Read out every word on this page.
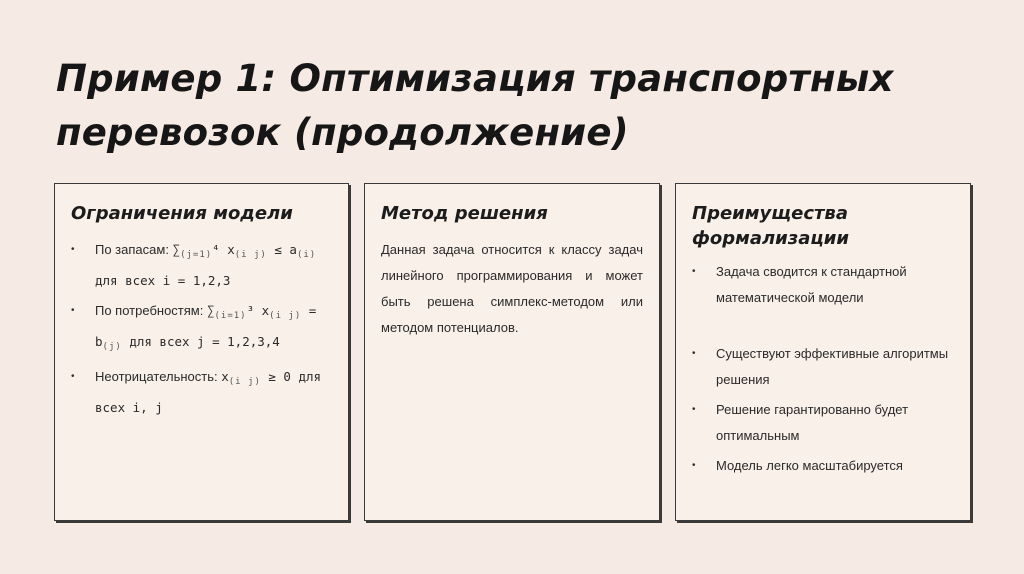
Пример 1: Оптимизация транспортных перевозок (продолжение)
Ограничения модели
• По запасам: $\sum_{(j=1)}^4$ $x_{(i j)} \le a_{(i)}$ для всех i = 1,2,3
• По потребностям: $\sum_{(i=1)}^3$ $x_{(i j)} = b_{(j)}$ для всех j = 1,2,3,4
• Неотрицательность: $x_{(i j)} \ge 0$ для всех i, j
Метод решения

Данная задача относится к классу задач линейного программирования и может быть решена симплекс-методом или методом потенциалов.

Преимущества формализации
• Задача сводится к стандартной математической модели
• Существуют эффективные алгоритмы решения
• Решение гарантированно будет оптимальным
• Модель легко масштабируется
